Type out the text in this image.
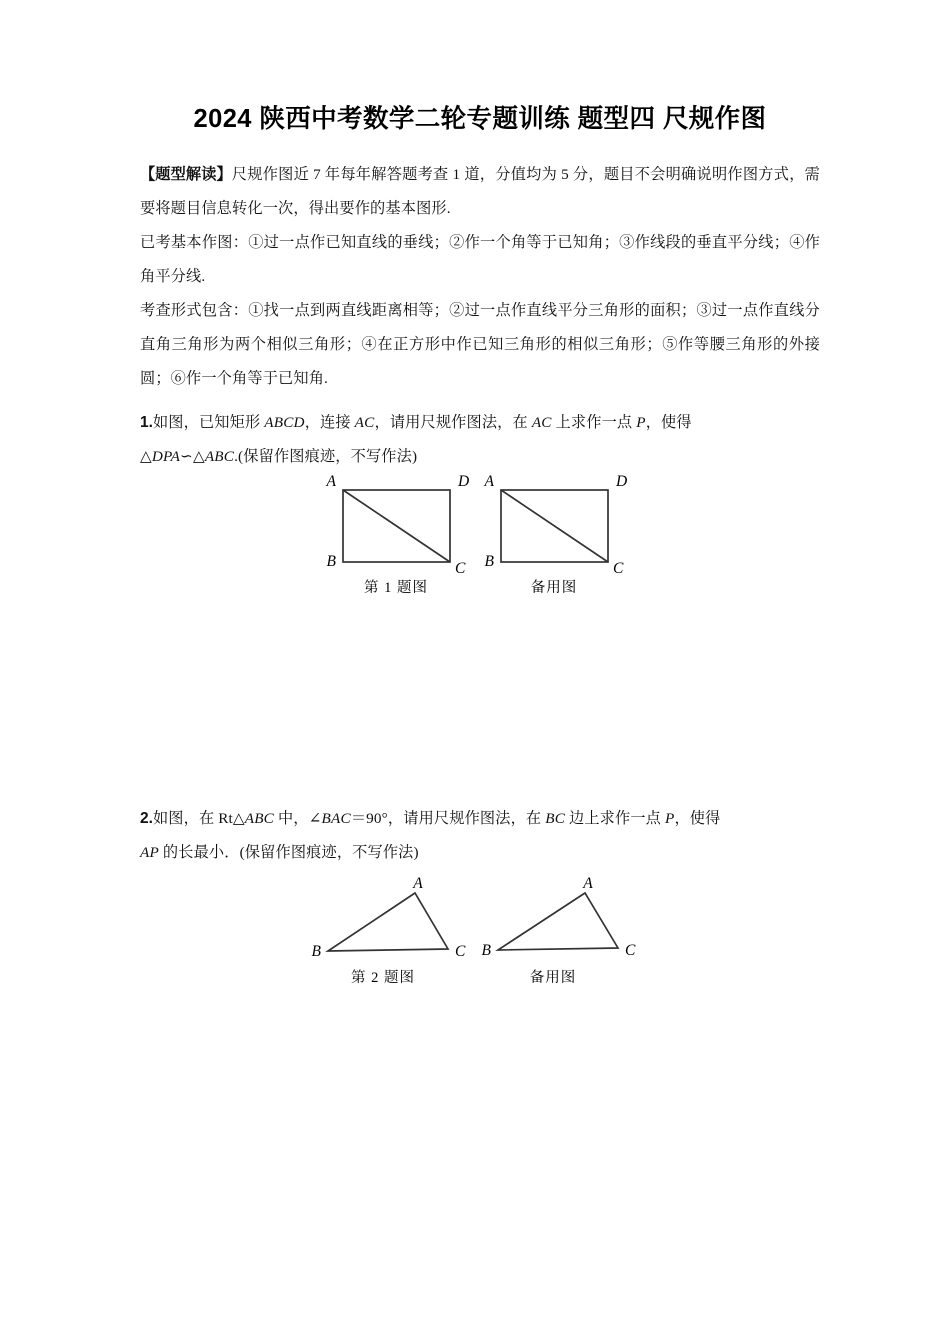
2024 陕西中考数学二轮专题训练 题型四 尺规作图

【题型解读】尺规作图近 7 年每年解答题考查 1 道，分值均为 5 分，题目不会明确说明作图方式，需要将题目信息转化一次，得出要作的基本图形.

已考基本作图：①过一点作已知直线的垂线；②作一个角等于已知角；③作线段的垂直平分线；④作角平分线.

考查形式包含：①找一点到两直线距离相等；②过一点作直线平分三角形的面积；③过一点作直线分直角三角形为两个相似三角形；④在正方形中作已知三角形的相似三角形；⑤作等腰三角形的外接圆；⑥作一个角等于已知角.

1.如图，已知矩形 ABCD，连接 AC，请用尺规作图法，在 AC 上求作一点 P，使得

△DPA∽△ABC.(保留作图痕迹，不写作法)

A	D
B	C
A	D
B	C
第 1 题图	备用图

2.如图，在 Rt△ABC 中，∠BAC＝90°，请用尺规作图法，在 BC 边上求作一点 P，使得

AP 的长最小．(保留作图痕迹，不写作法)

A
B	C
A
B	C
第 2 题图	备用图
